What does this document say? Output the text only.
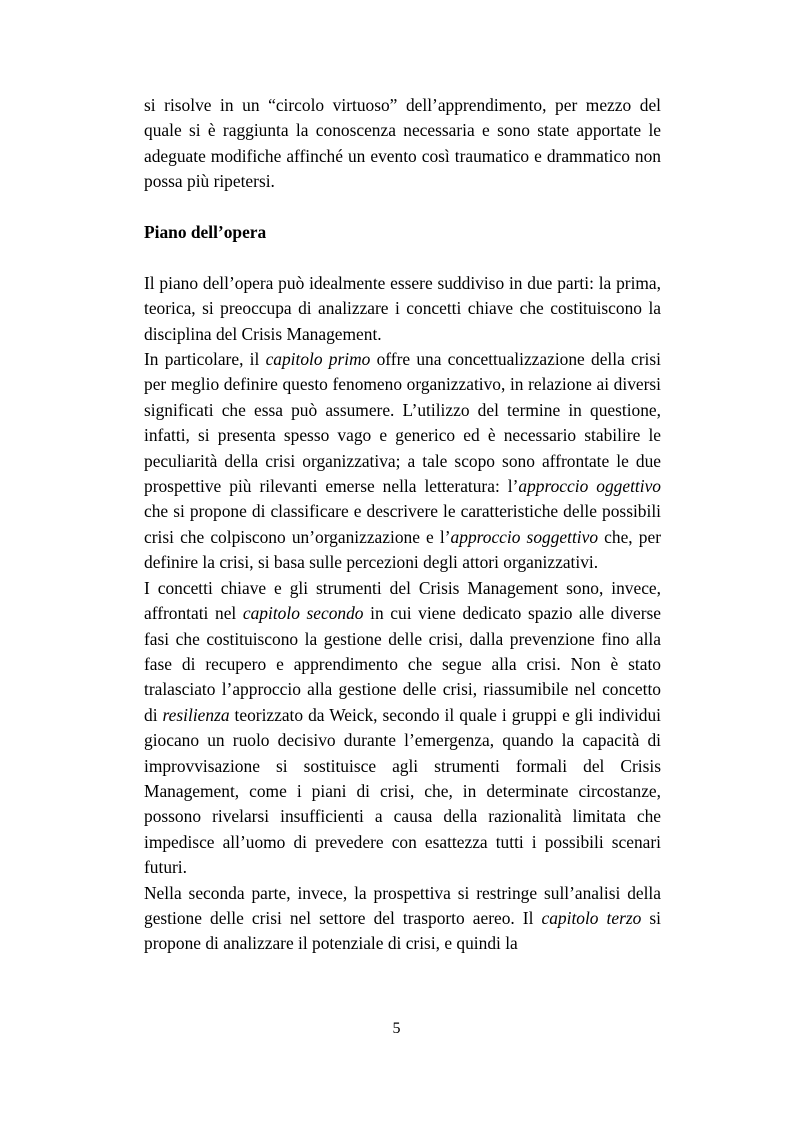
si risolve in un “circolo virtuoso” dell’apprendimento, per mezzo del quale si è raggiunta la conoscenza necessaria e sono state apportate le adeguate modifiche affinché un evento così traumatico e drammatico non possa più ripetersi.

Piano dell’opera

Il piano dell’opera può idealmente essere suddiviso in due parti: la prima, teorica, si preoccupa di analizzare i concetti chiave che costituiscono la disciplina del Crisis Management.

In particolare, il capitolo primo offre una concettualizzazione della crisi per meglio definire questo fenomeno organizzativo, in relazione ai diversi significati che essa può assumere. L’utilizzo del termine in questione, infatti, si presenta spesso vago e generico ed è necessario stabilire le peculiarità della crisi organizzativa; a tale scopo sono affrontate le due prospettive più rilevanti emerse nella letteratura: l’approccio oggettivo che si propone di classificare e descrivere le caratteristiche delle possibili crisi che colpiscono un’organizzazione e l’approccio soggettivo che, per definire la crisi, si basa sulle percezioni degli attori organizzativi.

I concetti chiave e gli strumenti del Crisis Management sono, invece, affrontati nel capitolo secondo in cui viene dedicato spazio alle diverse fasi che costituiscono la gestione delle crisi, dalla prevenzione fino alla fase di recupero e apprendimento che segue alla crisi. Non è stato tralasciato l’approccio alla gestione delle crisi, riassumibile nel concetto di resilienza teorizzato da Weick, secondo il quale i gruppi e gli individui giocano un ruolo decisivo durante l’emergenza, quando la capacità di improvvisazione si sostituisce agli strumenti formali del Crisis Management, come i piani di crisi, che, in determinate circostanze, possono rivelarsi insufficienti a causa della razionalità limitata che impedisce all’uomo di prevedere con esattezza tutti i possibili scenari futuri.

Nella seconda parte, invece, la prospettiva si restringe sull’analisi della gestione delle crisi nel settore del trasporto aereo. Il capitolo terzo si propone di analizzare il potenziale di crisi, e quindi la

5
